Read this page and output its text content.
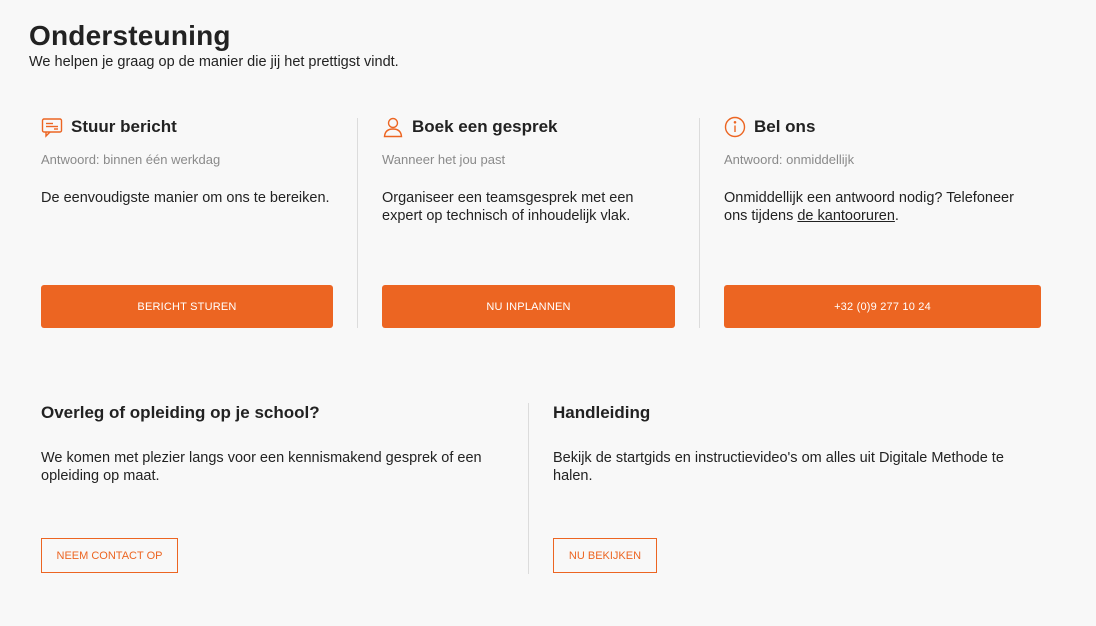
Ondersteuning
We helpen je graag op de manier die jij het prettigst vindt.
Stuur bericht
Antwoord: binnen één werkdag
De eenvoudigste manier om ons te bereiken.
BERICHT STUREN
Boek een gesprek
Wanneer het jou past
Organiseer een teamsgesprek met een expert op technisch of inhoudelijk vlak.
NU INPLANNEN
Bel ons
Antwoord: onmiddellijk
Onmiddellijk een antwoord nodig? Telefoneer ons tijdens de kantooruren.
+32 (0)9 277 10 24
Overleg of opleiding op je school?
We komen met plezier langs voor een kennismakend gesprek of een opleiding op maat.
NEEM CONTACT OP
Handleiding
Bekijk de startgids en instructievideo's om alles uit Digitale Methode te halen.
NU BEKIJKEN
